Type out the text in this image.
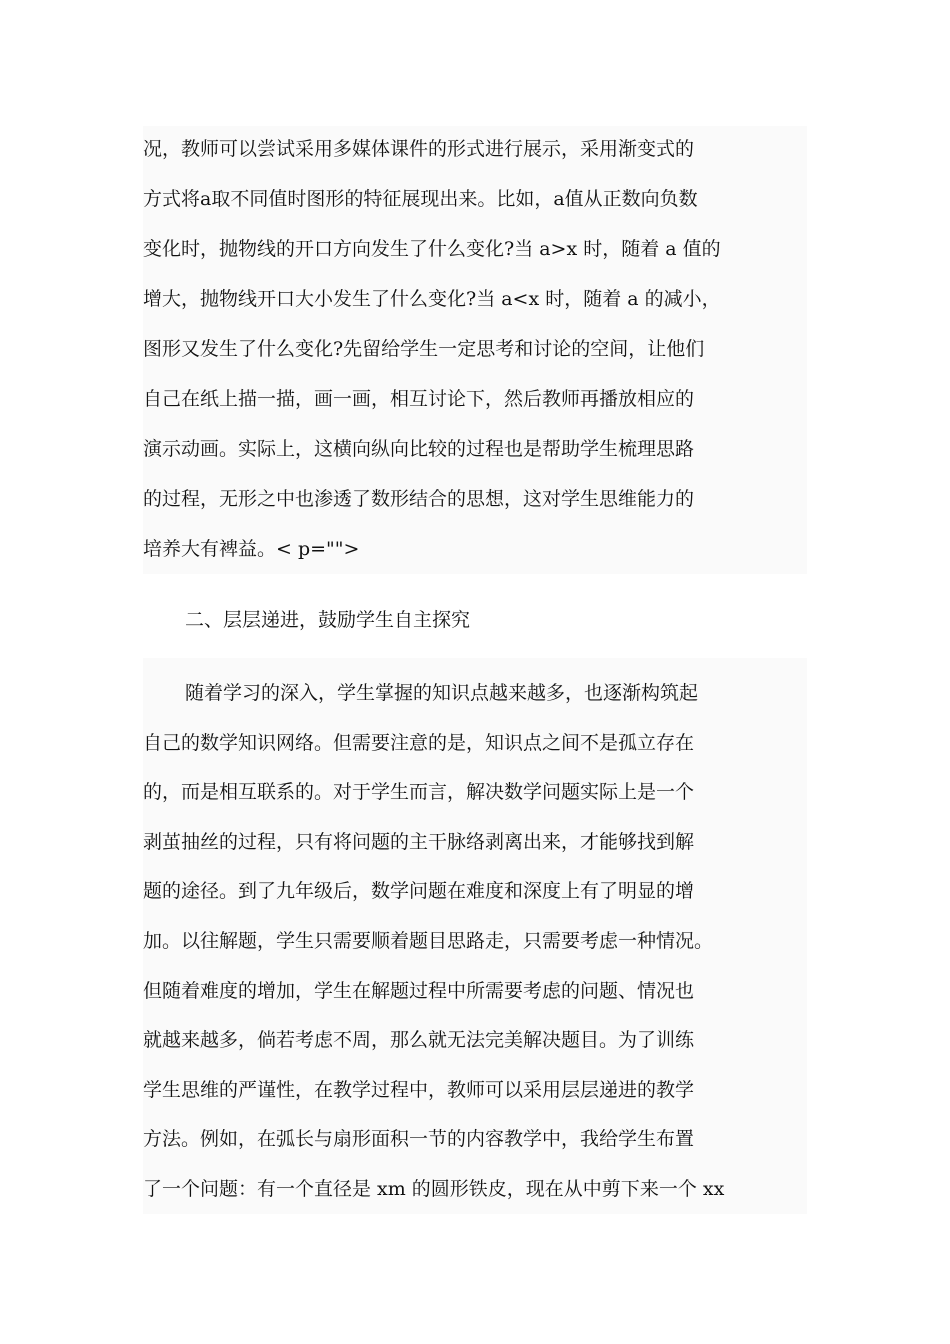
况，教师可以尝试采用多媒体课件的形式进行展示，采用渐变式的
方式将a取不同值时图形的特征展现出来。比如，a值从正数向负数
变化时，抛物线的开口方向发生了什么变化?当 a>x 时，随着 a 值的
增大，抛物线开口大小发生了什么变化?当 a<x 时，随着 a 的减小，
图形又发生了什么变化?先留给学生一定思考和讨论的空间，让他们
自己在纸上描一描，画一画，相互讨论下，然后教师再播放相应的
演示动画。实际上，这横向纵向比较的过程也是帮助学生梳理思路
的过程，无形之中也渗透了数形结合的思想，这对学生思维能力的
培养大有裨益。< p="">
二、层层递进，鼓励学生自主探究
随着学习的深入，学生掌握的知识点越来越多，也逐渐构筑起
自己的数学知识网络。但需要注意的是，知识点之间不是孤立存在
的，而是相互联系的。对于学生而言，解决数学问题实际上是一个
剥茧抽丝的过程，只有将问题的主干脉络剥离出来，才能够找到解
题的途径。到了九年级后，数学问题在难度和深度上有了明显的增
加。以往解题，学生只需要顺着题目思路走，只需要考虑一种情况。
但随着难度的增加，学生在解题过程中所需要考虑的问题、情况也
就越来越多，倘若考虑不周，那么就无法完美解决题目。为了训练
学生思维的严谨性，在教学过程中，教师可以采用层层递进的教学
方法。例如，在弧长与扇形面积一节的内容教学中，我给学生布置
了一个问题：有一个直径是 xm 的圆形铁皮，现在从中剪下来一个 xx
